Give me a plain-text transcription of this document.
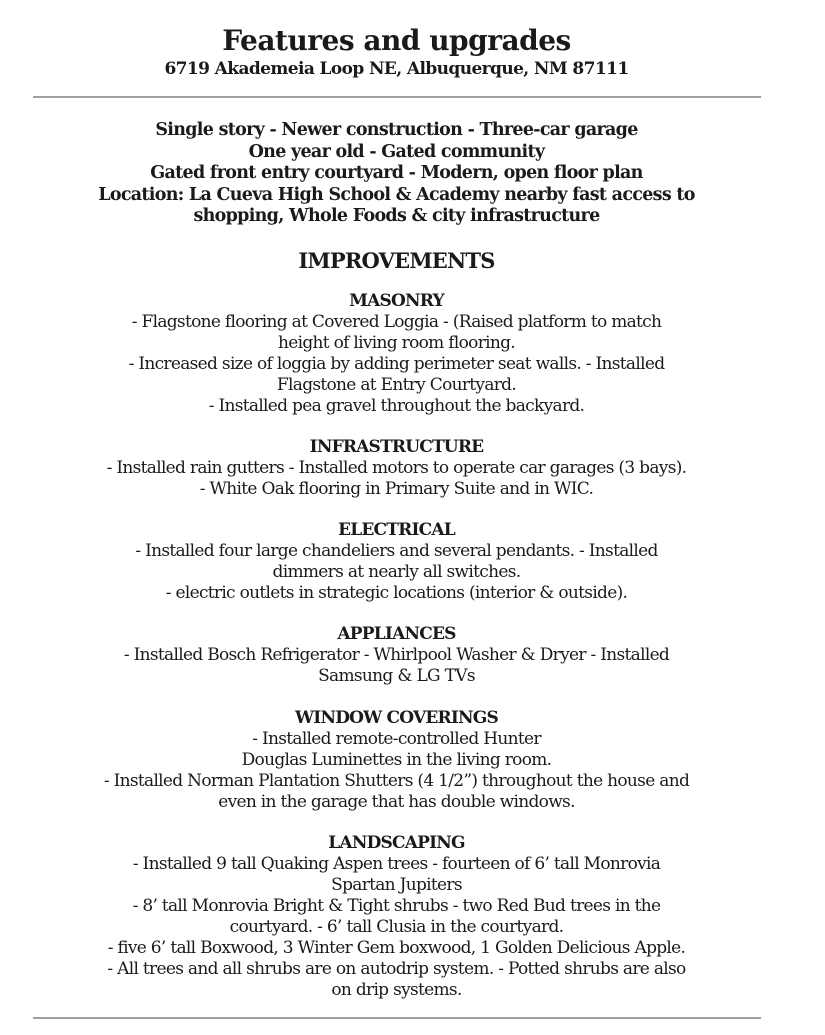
Features and upgrades
6719 Akademeia Loop NE, Albuquerque, NM 87111
Single story - Newer construction - Three-car garage
One year old - Gated community
Gated front entry courtyard - Modern, open floor plan
Location: La Cueva High School & Academy nearby fast access to
shopping, Whole Foods & city infrastructure
IMPROVEMENTS
MASONRY
- Flagstone flooring at Covered Loggia - (Raised platform to match
height of living room flooring.
- Increased size of loggia by adding perimeter seat walls. - Installed
Flagstone at Entry Courtyard.
- Installed pea gravel throughout the backyard.
INFRASTRUCTURE
- Installed rain gutters - Installed motors to operate car garages (3 bays).
- White Oak flooring in Primary Suite and in WIC.
ELECTRICAL
- Installed four large chandeliers and several pendants. - Installed
dimmers at nearly all switches.
- electric outlets in strategic locations (interior & outside).
APPLIANCES
- Installed Bosch Refrigerator - Whirlpool Washer & Dryer - Installed
Samsung & LG TVs
WINDOW COVERINGS
- Installed remote-controlled Hunter
Douglas Luminettes in the living room.
- Installed Norman Plantation Shutters (4 1/2”) throughout the house and
even in the garage that has double windows.
LANDSCAPING
- Installed 9 tall Quaking Aspen trees - fourteen of 6’ tall Monrovia
Spartan Jupiters
- 8’ tall Monrovia Bright & Tight shrubs - two Red Bud trees in the
courtyard. - 6’ tall Clusia in the courtyard.
- five 6’ tall Boxwood, 3 Winter Gem boxwood, 1 Golden Delicious Apple.
- All trees and all shrubs are on autodrip system. - Potted shrubs are also
on drip systems.
